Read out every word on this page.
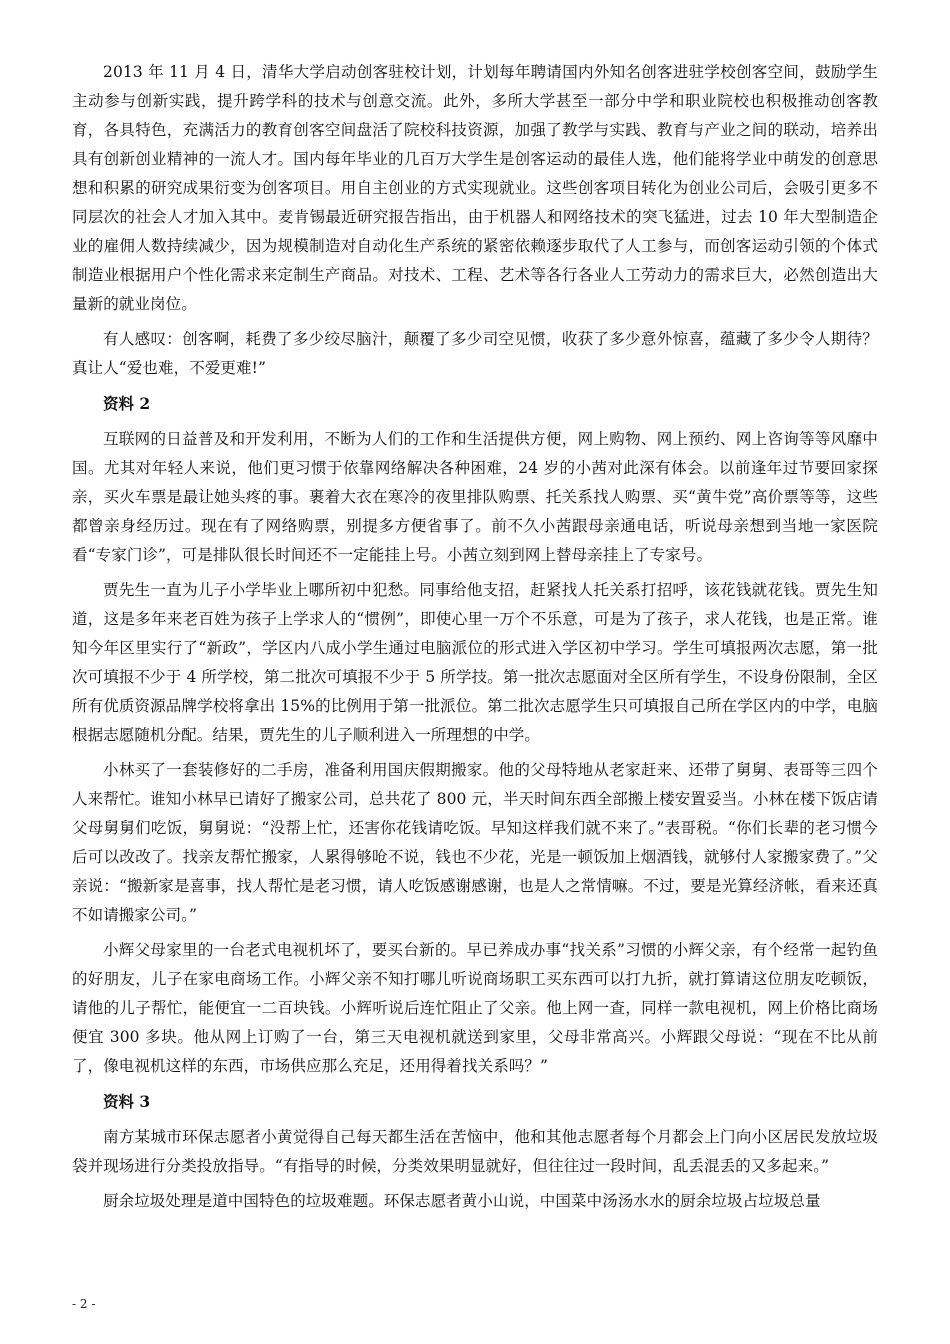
2013 年 11 月 4 日，清华大学启动创客驻校计划，计划每年聘请国内外知名创客进驻学校创客空间，鼓励学生主动参与创新实践，提升跨学科的技术与创意交流。此外，多所大学甚至一部分中学和职业院校也积极推动创客教育，各具特色，充满活力的教育创客空间盘活了院校科技资源，加强了教学与实践、教育与产业之间的联动，培养出具有创新创业精神的一流人才。国内每年毕业的几百万大学生是创客运动的最佳人选，他们能将学业中萌发的创意思想和积累的研究成果衍变为创客项目。用自主创业的方式实现就业。这些创客项目转化为创业公司后，会吸引更多不同层次的社会人才加入其中。麦肯锡最近研究报告指出，由于机器人和网络技术的突飞猛进，过去 10 年大型制造企业的雇佣人数持续减少，因为规模制造对自动化生产系统的紧密依赖逐步取代了人工参与，而创客运动引领的个体式制造业根据用户个性化需求来定制生产商品。对技术、工程、艺术等各行各业人工劳动力的需求巨大，必然创造出大量新的就业岗位。

有人感叹：创客啊，耗费了多少绞尽脑汁，颠覆了多少司空见惯，收获了多少意外惊喜，蕴藏了多少令人期待？真让人“爱也难，不爱更难!”

资料 2

互联网的日益普及和开发利用，不断为人们的工作和生活提供方便，网上购物、网上预约、网上咨询等等风靡中国。尤其对年轻人来说，他们更习惯于依靠网络解决各种困难，24 岁的小茜对此深有体会。以前逢年过节要回家探亲，买火车票是最让她头疼的事。裹着大衣在寒冷的夜里排队购票、托关系找人购票、买“黄牛党”高价票等等，这些都曾亲身经历过。现在有了网络购票，别提多方便省事了。前不久小茜跟母亲通电话，听说母亲想到当地一家医院看“专家门诊”，可是排队很长时间还不一定能挂上号。小茜立刻到网上替母亲挂上了专家号。

贾先生一直为儿子小学毕业上哪所初中犯愁。同事给他支招，赶紧找人托关系打招呼，该花钱就花钱。贾先生知道，这是多年来老百姓为孩子上学求人的“惯例”，即使心里一万个不乐意，可是为了孩子，求人花钱，也是正常。谁知今年区里实行了“新政”，学区内八成小学生通过电脑派位的形式进入学区初中学习。学生可填报两次志愿，第一批次可填报不少于 4 所学校，第二批次可填报不少于 5 所学技。第一批次志愿面对全区所有学生，不设身份限制，全区所有优质资源品牌学校将拿出 15%的比例用于第一批派位。第二批次志愿学生只可填报自己所在学区内的中学，电脑根据志愿随机分配。结果，贾先生的儿子顺利进入一所理想的中学。

小林买了一套装修好的二手房，准备利用国庆假期搬家。他的父母特地从老家赶来、还带了舅舅、表哥等三四个人来帮忙。谁知小林早已请好了搬家公司，总共花了 800 元，半天时间东西全部搬上楼安置妥当。小林在楼下饭店请父母舅舅们吃饭，舅舅说：“没帮上忙，还害你花钱请吃饭。早知这样我们就不来了。”表哥税。“你们长辈的老习惯今后可以改改了。找亲友帮忙搬家，人累得够呛不说，钱也不少花，光是一顿饭加上烟酒钱，就够付人家搬家费了。”父亲说：“搬新家是喜事，找人帮忙是老习惯，请人吃饭感谢感谢，也是人之常情嘛。不过，要是光算经济帐，看来还真不如请搬家公司。”

小辉父母家里的一台老式电视机坏了，要买台新的。早已养成办事“找关系”习惯的小辉父亲，有个经常一起钓鱼的好朋友，儿子在家电商场工作。小辉父亲不知打哪儿听说商场职工买东西可以打九折，就打算请这位朋友吃顿饭，请他的儿子帮忙，能便宜一二百块钱。小辉听说后连忙阻止了父亲。他上网一查，同样一款电视机，网上价格比商场便宜 300 多块。他从网上订购了一台，第三天电视机就送到家里，父母非常高兴。小辉跟父母说：“现在不比从前了，像电视机这样的东西，市场供应那么充足，还用得着找关系吗？”

资料 3

南方某城市环保志愿者小黄觉得自己每天都生活在苦恼中，他和其他志愿者每个月都会上门向小区居民发放垃圾袋并现场进行分类投放指导。“有指导的时候，分类效果明显就好，但往往过一段时间，乱丢混丢的又多起来。”

厨余垃圾处理是道中国特色的垃圾难题。环保志愿者黄小山说，中国菜中汤汤水水的厨余垃圾占垃圾总量

- 2 -
